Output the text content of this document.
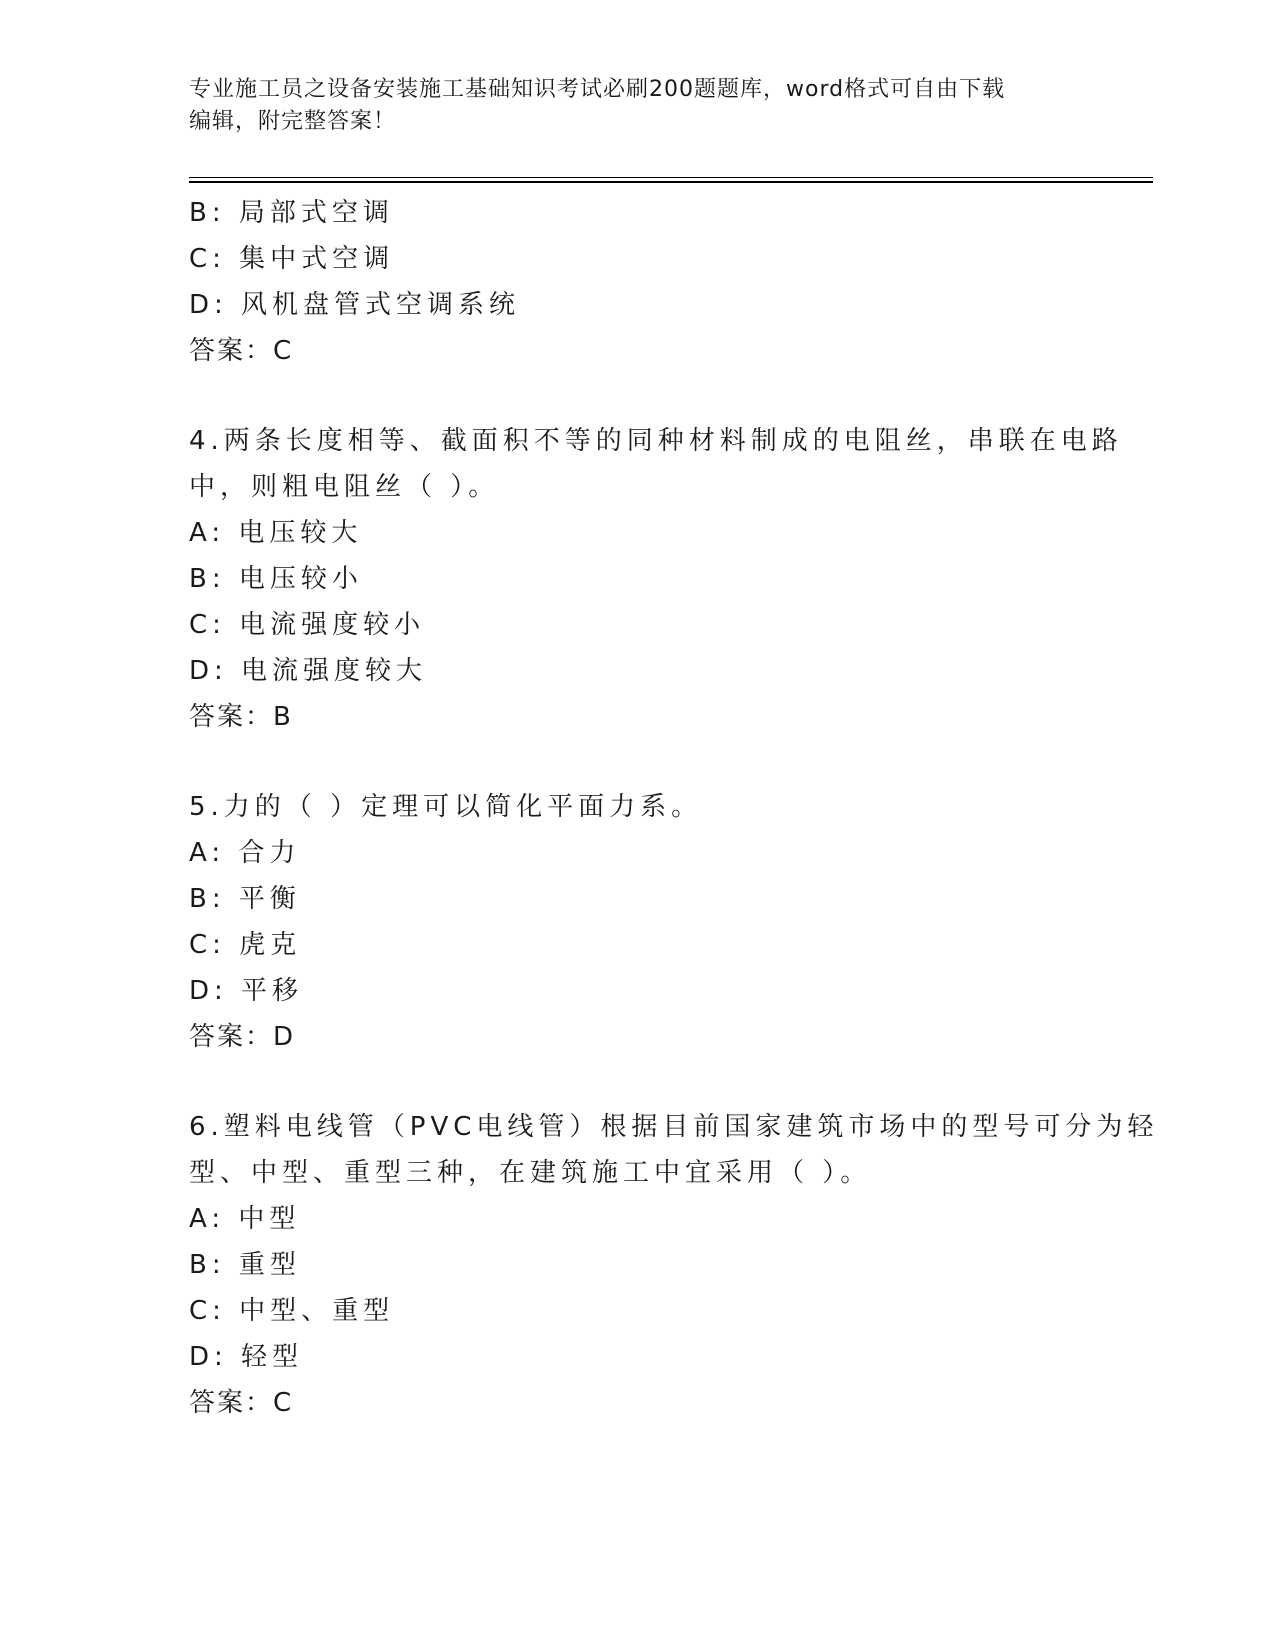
专业施工员之设备安装施工基础知识考试必刷200题题库，word格式可自由下载
编辑，附完整答案！
B: 局部式空调
C: 集中式空调
D: 风机盘管式空调系统
答案：C
4.两条长度相等、截面积不等的同种材料制成的电阻丝，串联在电路
中，则粗电阻丝（ ）。
A: 电压较大
B: 电压较小
C: 电流强度较小
D: 电流强度较大
答案：B
5.力的（ ）定理可以简化平面力系。
A: 合力
B: 平衡
C: 虎克
D: 平移
答案：D
6.塑料电线管（PVC电线管）根据目前国家建筑市场中的型号可分为轻
型、中型、重型三种，在建筑施工中宜采用（ ）。
A: 中型
B: 重型
C: 中型、重型
D: 轻型
答案：C
